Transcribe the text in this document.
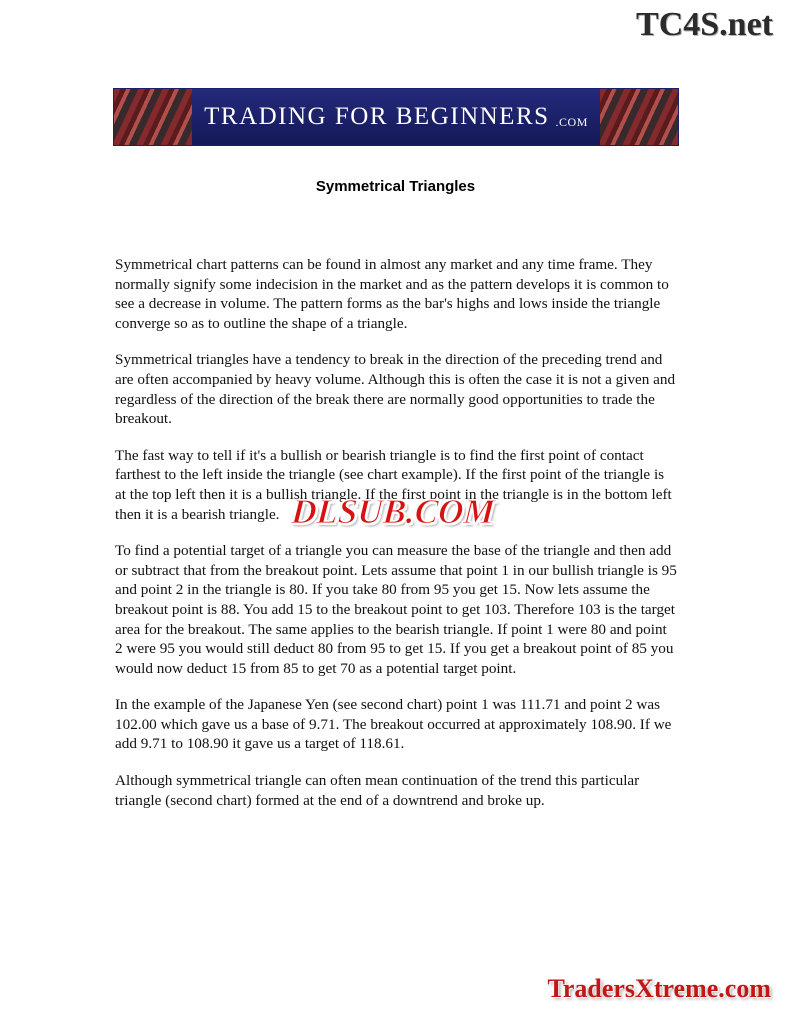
TC4S.net
TRADING FOR BEGINNERS .COM
Symmetrical Triangles

Symmetrical chart patterns can be found in almost any market and any time frame. They normally signify some indecision in the market and as the pattern develops it is common to see a decrease in volume. The pattern forms as the bar's highs and lows inside the triangle converge so as to outline the shape of a triangle.

Symmetrical triangles have a tendency to break in the direction of the preceding trend and are often accompanied by heavy volume. Although this is often the case it is not a given and regardless of the direction of the break there are normally good opportunities to trade the breakout.

The fast way to tell if it's a bullish or bearish triangle is to find the first point of contact farthest to the left inside the triangle (see chart example). If the first point of the triangle is at the top left then it is a bullish triangle. If the first point in the triangle is in the bottom left then it is a bearish triangle.

To find a potential target of a triangle you can measure the base of the triangle and then add or subtract that from the breakout point. Lets assume that point 1 in our bullish triangle is 95 and point 2 in the triangle is 80. If you take 80 from 95 you get 15. Now lets assume the breakout point is 88. You add 15 to the breakout point to get 103. Therefore 103 is the target area for the breakout. The same applies to the bearish triangle. If point 1 were 80 and point 2 were 95 you would still deduct 80 from 95 to get 15. If you get a breakout point of 85 you would now deduct 15 from 85 to get 70 as a potential target point.

In the example of the Japanese Yen (see second chart) point 1 was 111.71 and point 2 was 102.00 which gave us a base of 9.71. The breakout occurred at approximately 108.90. If we add 9.71 to 108.90 it gave us a target of 118.61.

Although symmetrical triangle can often mean continuation of the trend this particular triangle (second chart) formed at the end of a downtrend and broke up.

DLSUB.COM
TradersXtreme.com
